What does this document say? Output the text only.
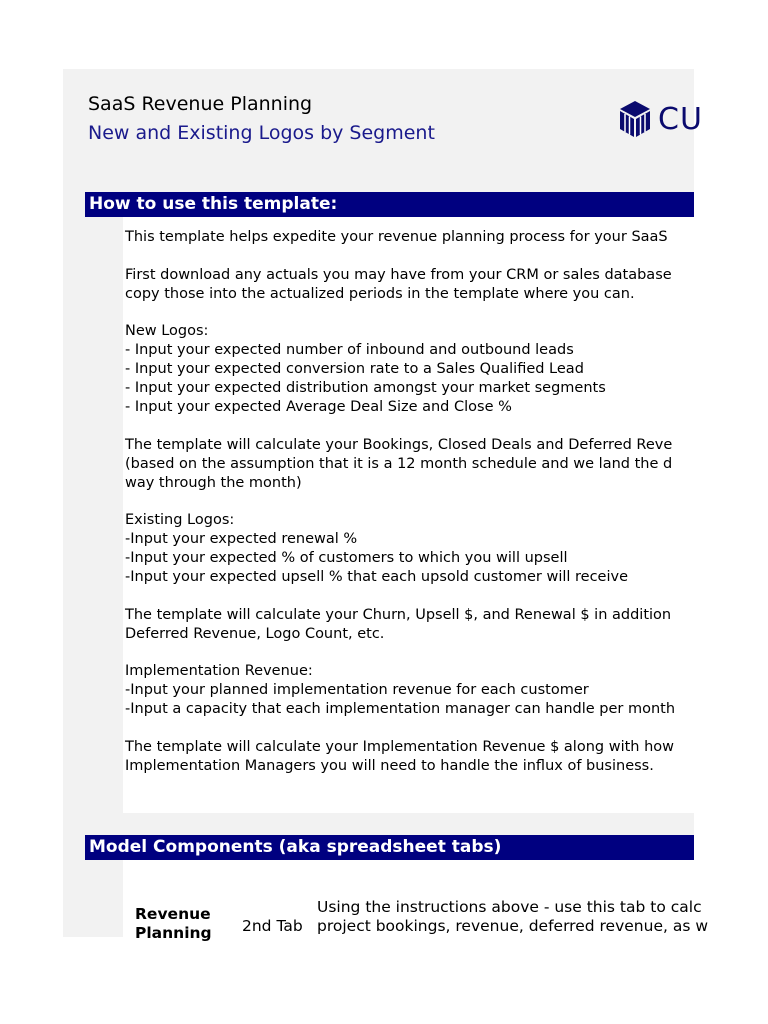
SaaS Revenue Planning
New and Existing Logos by Segment	CU
How to use this template:
This template helps expedite your revenue planning process for your SaaS
First download any actuals you may have from your CRM or sales database
copy those into the actualized periods in the template where you can.
New Logos:
- Input your expected number of inbound and outbound leads
- Input your expected conversion rate to a Sales Qualified Lead
- Input your expected distribution amongst your market segments
- Input your expected Average Deal Size and Close %
The template will calculate your Bookings, Closed Deals and Deferred Reve
(based on the assumption that it is a 12 month schedule and we land the d
way through the month)
Existing Logos:
-Input your expected renewal %
-Input your expected % of customers to which you will upsell
-Input your expected upsell % that each upsold customer will receive
The template will calculate your Churn, Upsell $, and Renewal $ in addition
Deferred Revenue, Logo Count, etc.
Implementation Revenue:
-Input your planned implementation revenue for each customer
-Input a capacity that each implementation manager can handle per month
The template will calculate your Implementation Revenue $ along with how
Implementation Managers you will need to handle the influx of business.
Model Components (aka spreadsheet tabs)
Revenue
Planning 2nd Tab
Using the instructions above - use this tab to calc
project bookings, revenue, deferred revenue, as w
